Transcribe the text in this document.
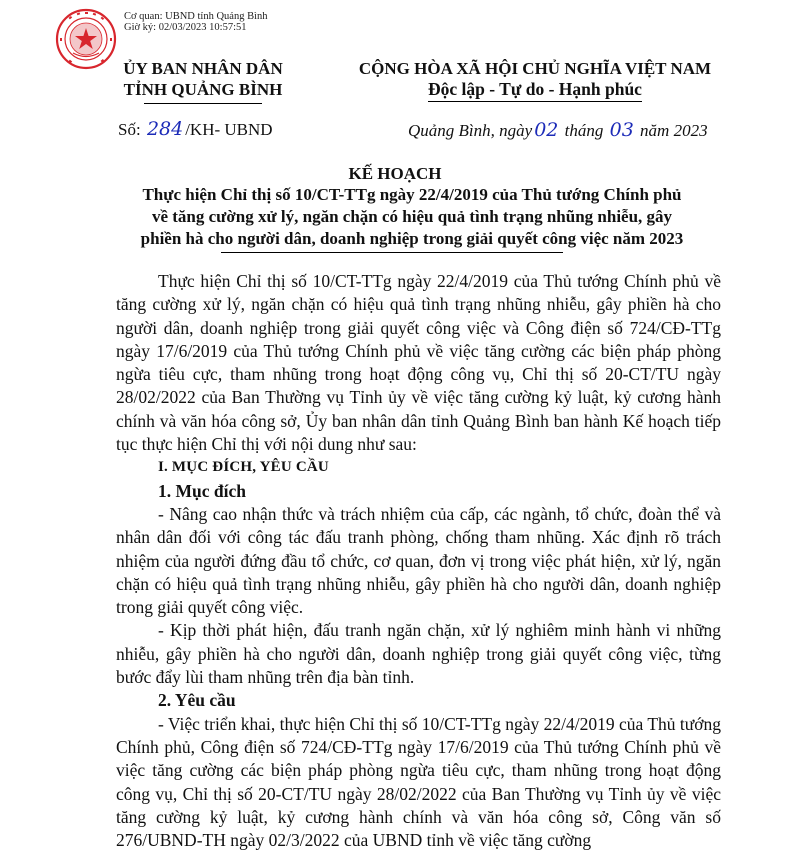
Cơ quan: UBND tỉnh Quảng Bình
Giờ ký: 02/03/2023 10:57:51
ỦY BAN NHÂN DÂN
TỈNH QUẢNG BÌNH
CỘNG HÒA XÃ HỘI CHỦ NGHĨA VIỆT NAM
Độc lập - Tự do - Hạnh phúc
Số: 284 /KH- UBND	Quảng Bình, ngày 02 tháng 03 năm 2023
KẾ HOẠCH
Thực hiện Chỉ thị số 10/CT-TTg ngày 22/4/2019 của Thủ tướng Chính phủ
về tăng cường xử lý, ngăn chặn có hiệu quả tình trạng nhũng nhiễu, gây
phiền hà cho người dân, doanh nghiệp trong giải quyết công việc năm 2023

Thực hiện Chỉ thị số 10/CT-TTg ngày 22/4/2019 của Thủ tướng Chính phủ về tăng cường xử lý, ngăn chặn có hiệu quả tình trạng nhũng nhiễu, gây phiền hà cho người dân, doanh nghiệp trong giải quyết công việc và Công điện số 724/CĐ-TTg ngày 17/6/2019 của Thủ tướng Chính phủ về việc tăng cường các biện pháp phòng ngừa tiêu cực, tham nhũng trong hoạt động công vụ, Chỉ thị số 20-CT/TU ngày 28/02/2022 của Ban Thường vụ Tỉnh ủy về việc tăng cường kỷ luật, kỷ cương hành chính và văn hóa công sở, Ủy ban nhân dân tỉnh Quảng Bình ban hành Kế hoạch tiếp tục thực hiện Chỉ thị với nội dung như sau:

I. MỤC ĐÍCH, YÊU CẦU
1. Mục đích

- Nâng cao nhận thức và trách nhiệm của cấp, các ngành, tổ chức, đoàn thể và nhân dân đối với công tác đấu tranh phòng, chống tham nhũng. Xác định rõ trách nhiệm của người đứng đầu tổ chức, cơ quan, đơn vị trong việc phát hiện, xử lý, ngăn chặn có hiệu quả tình trạng nhũng nhiễu, gây phiền hà cho người dân, doanh nghiệp trong giải quyết công việc.

- Kịp thời phát hiện, đấu tranh ngăn chặn, xử lý nghiêm minh hành vi những nhiễu, gây phiền hà cho người dân, doanh nghiệp trong giải quyết công việc, từng bước đẩy lùi tham nhũng trên địa bàn tỉnh.

2. Yêu cầu

- Việc triển khai, thực hiện Chỉ thị số 10/CT-TTg ngày 22/4/2019 của Thủ tướng Chính phủ, Công điện số 724/CĐ-TTg ngày 17/6/2019 của Thủ tướng Chính phủ về việc tăng cường các biện pháp phòng ngừa tiêu cực, tham nhũng trong hoạt động công vụ, Chỉ thị số 20-CT/TU ngày 28/02/2022 của Ban Thường vụ Tỉnh ủy về việc tăng cường kỷ luật, kỷ cương hành chính và văn hóa công sở, Công văn số 276/UBND-TH ngày 02/3/2022 của UBND tỉnh về việc tăng cường
